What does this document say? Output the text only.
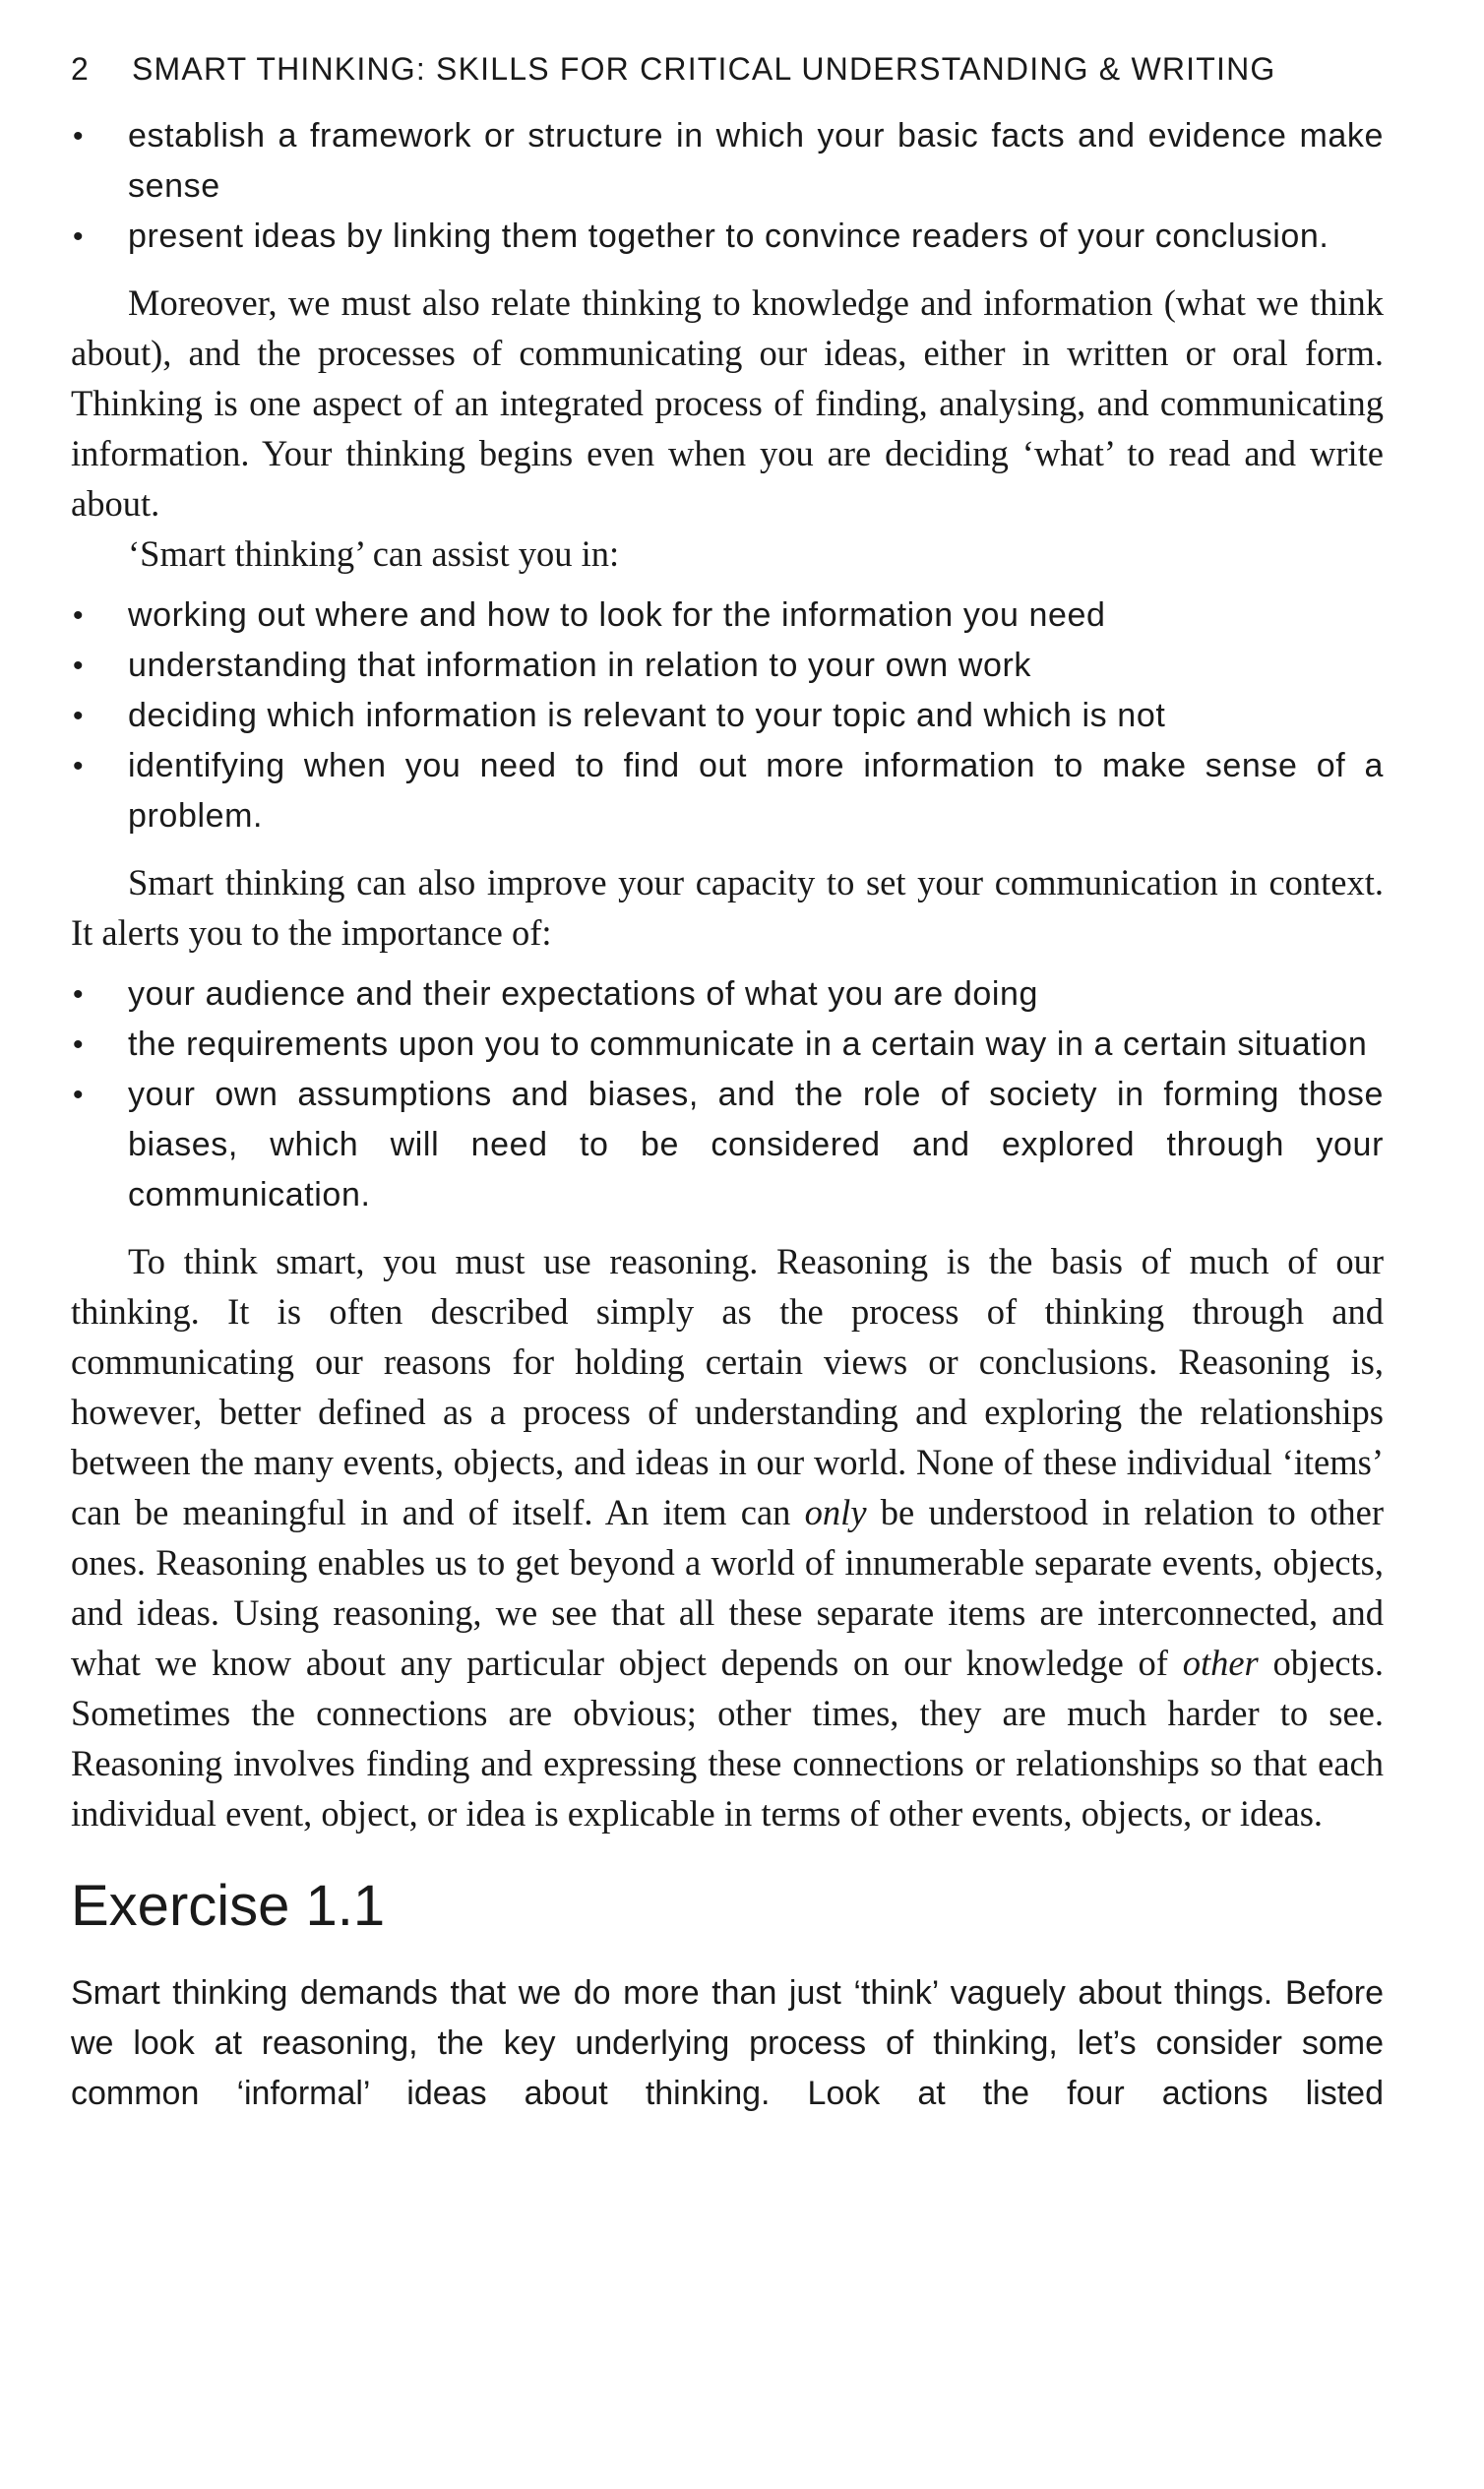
2 SMART THINKING: SKILLS FOR CRITICAL UNDERSTANDING & WRITING
• establish a framework or structure in which your basic facts and evidence make sense
• present ideas by linking them together to convince readers of your conclusion.

Moreover, we must also relate thinking to knowledge and information (what we think about), and the processes of communicating our ideas, either in written or oral form. Thinking is one aspect of an integrated process of finding, analysing, and communicating information. Your thinking begins even when you are deciding ‘what’ to read and write about.

‘Smart thinking’ can assist you in:

• working out where and how to look for the information you need
• understanding that information in relation to your own work
• deciding which information is relevant to your topic and which is not
• identifying when you need to find out more information to make sense of a problem.

Smart thinking can also improve your capacity to set your communication in context. It alerts you to the importance of:

• your audience and their expectations of what you are doing
• the requirements upon you to communicate in a certain way in a certain situation
• your own assumptions and biases, and the role of society in forming those biases, which will need to be considered and explored through your communication.

To think smart, you must use reasoning. Reasoning is the basis of much of our thinking. It is often described simply as the process of thinking through and communicating our reasons for holding certain views or conclusions. Reasoning is, however, better defined as a process of understanding and exploring the relationships between the many events, objects, and ideas in our world. None of these individual ‘items’ can be meaningful in and of itself. An item can only be understood in relation to other ones. Reasoning enables us to get beyond a world of innumerable separate events, objects, and ideas. Using reasoning, we see that all these separate items are interconnected, and what we know about any particular object depends on our knowledge of other objects. Sometimes the connections are obvious; other times, they are much harder to see. Reasoning involves finding and expressing these connections or relationships so that each individual event, object, or idea is explicable in terms of other events, objects, or ideas.

Exercise 1.1

Smart thinking demands that we do more than just ‘think’ vaguely about things. Before we look at reasoning, the key underlying process of thinking, let’s consider some common ‘informal’ ideas about thinking. Look at the four actions listed
